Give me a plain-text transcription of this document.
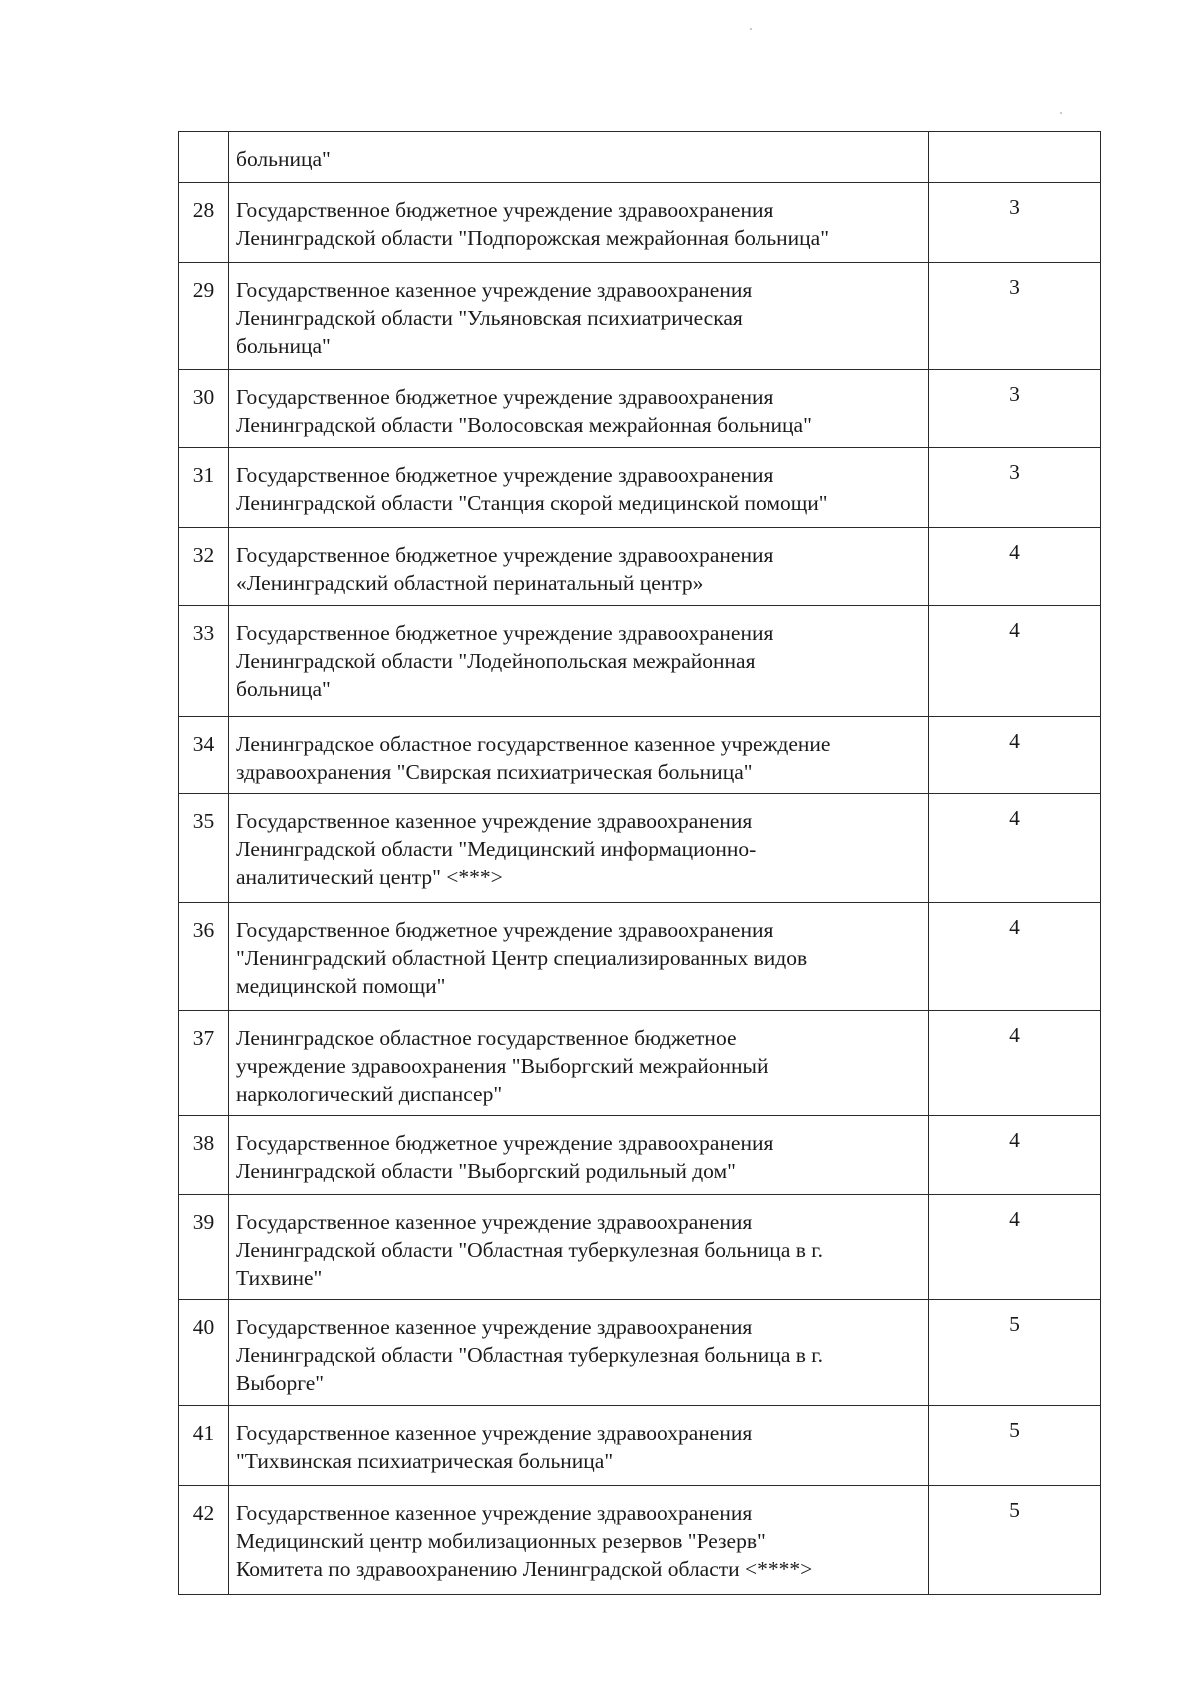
	больница"	

28	Государственное бюджетное учреждение здравоохранения
Ленинградской области "Подпорожская межрайонная больница"	3
29	Государственное казенное учреждение здравоохранения
Ленинградской области "Ульяновская психиатрическая
больница"	3
30	Государственное бюджетное учреждение здравоохранения
Ленинградской области "Волосовская межрайонная больница"	3
31	Государственное бюджетное учреждение здравоохранения
Ленинградской области "Станция скорой медицинской помощи"	3
32	Государственное бюджетное учреждение здравоохранения
«Ленинградский областной перинатальный центр»	4
33	Государственное бюджетное учреждение здравоохранения
Ленинградской области "Лодейнопольская межрайонная
больница"	4
34	Ленинградское областное государственное казенное учреждение
здравоохранения "Свирская психиатрическая больница"	4
35	Государственное казенное учреждение здравоохранения
Ленинградской области "Медицинский информационно-
аналитический центр" <***>	4
36	Государственное бюджетное учреждение здравоохранения
"Ленинградский областной Центр специализированных видов
медицинской помощи"	4
37	Ленинградское областное государственное бюджетное
учреждение здравоохранения "Выборгский межрайонный
наркологический диспансер"	4
38	Государственное бюджетное учреждение здравоохранения
Ленинградской области "Выборгский родильный дом"	4
39	Государственное казенное учреждение здравоохранения
Ленинградской области "Областная туберкулезная больница в г.
Тихвине"	4
40	Государственное казенное учреждение здравоохранения
Ленинградской области "Областная туберкулезная больница в г.
Выборге"	5
41	Государственное казенное учреждение здравоохранения
"Тихвинская психиатрическая больница"	5
42	Государственное казенное учреждение здравоохранения
Медицинский центр мобилизационных резервов "Резерв"
Комитета по здравоохранению Ленинградской области <****>	5
